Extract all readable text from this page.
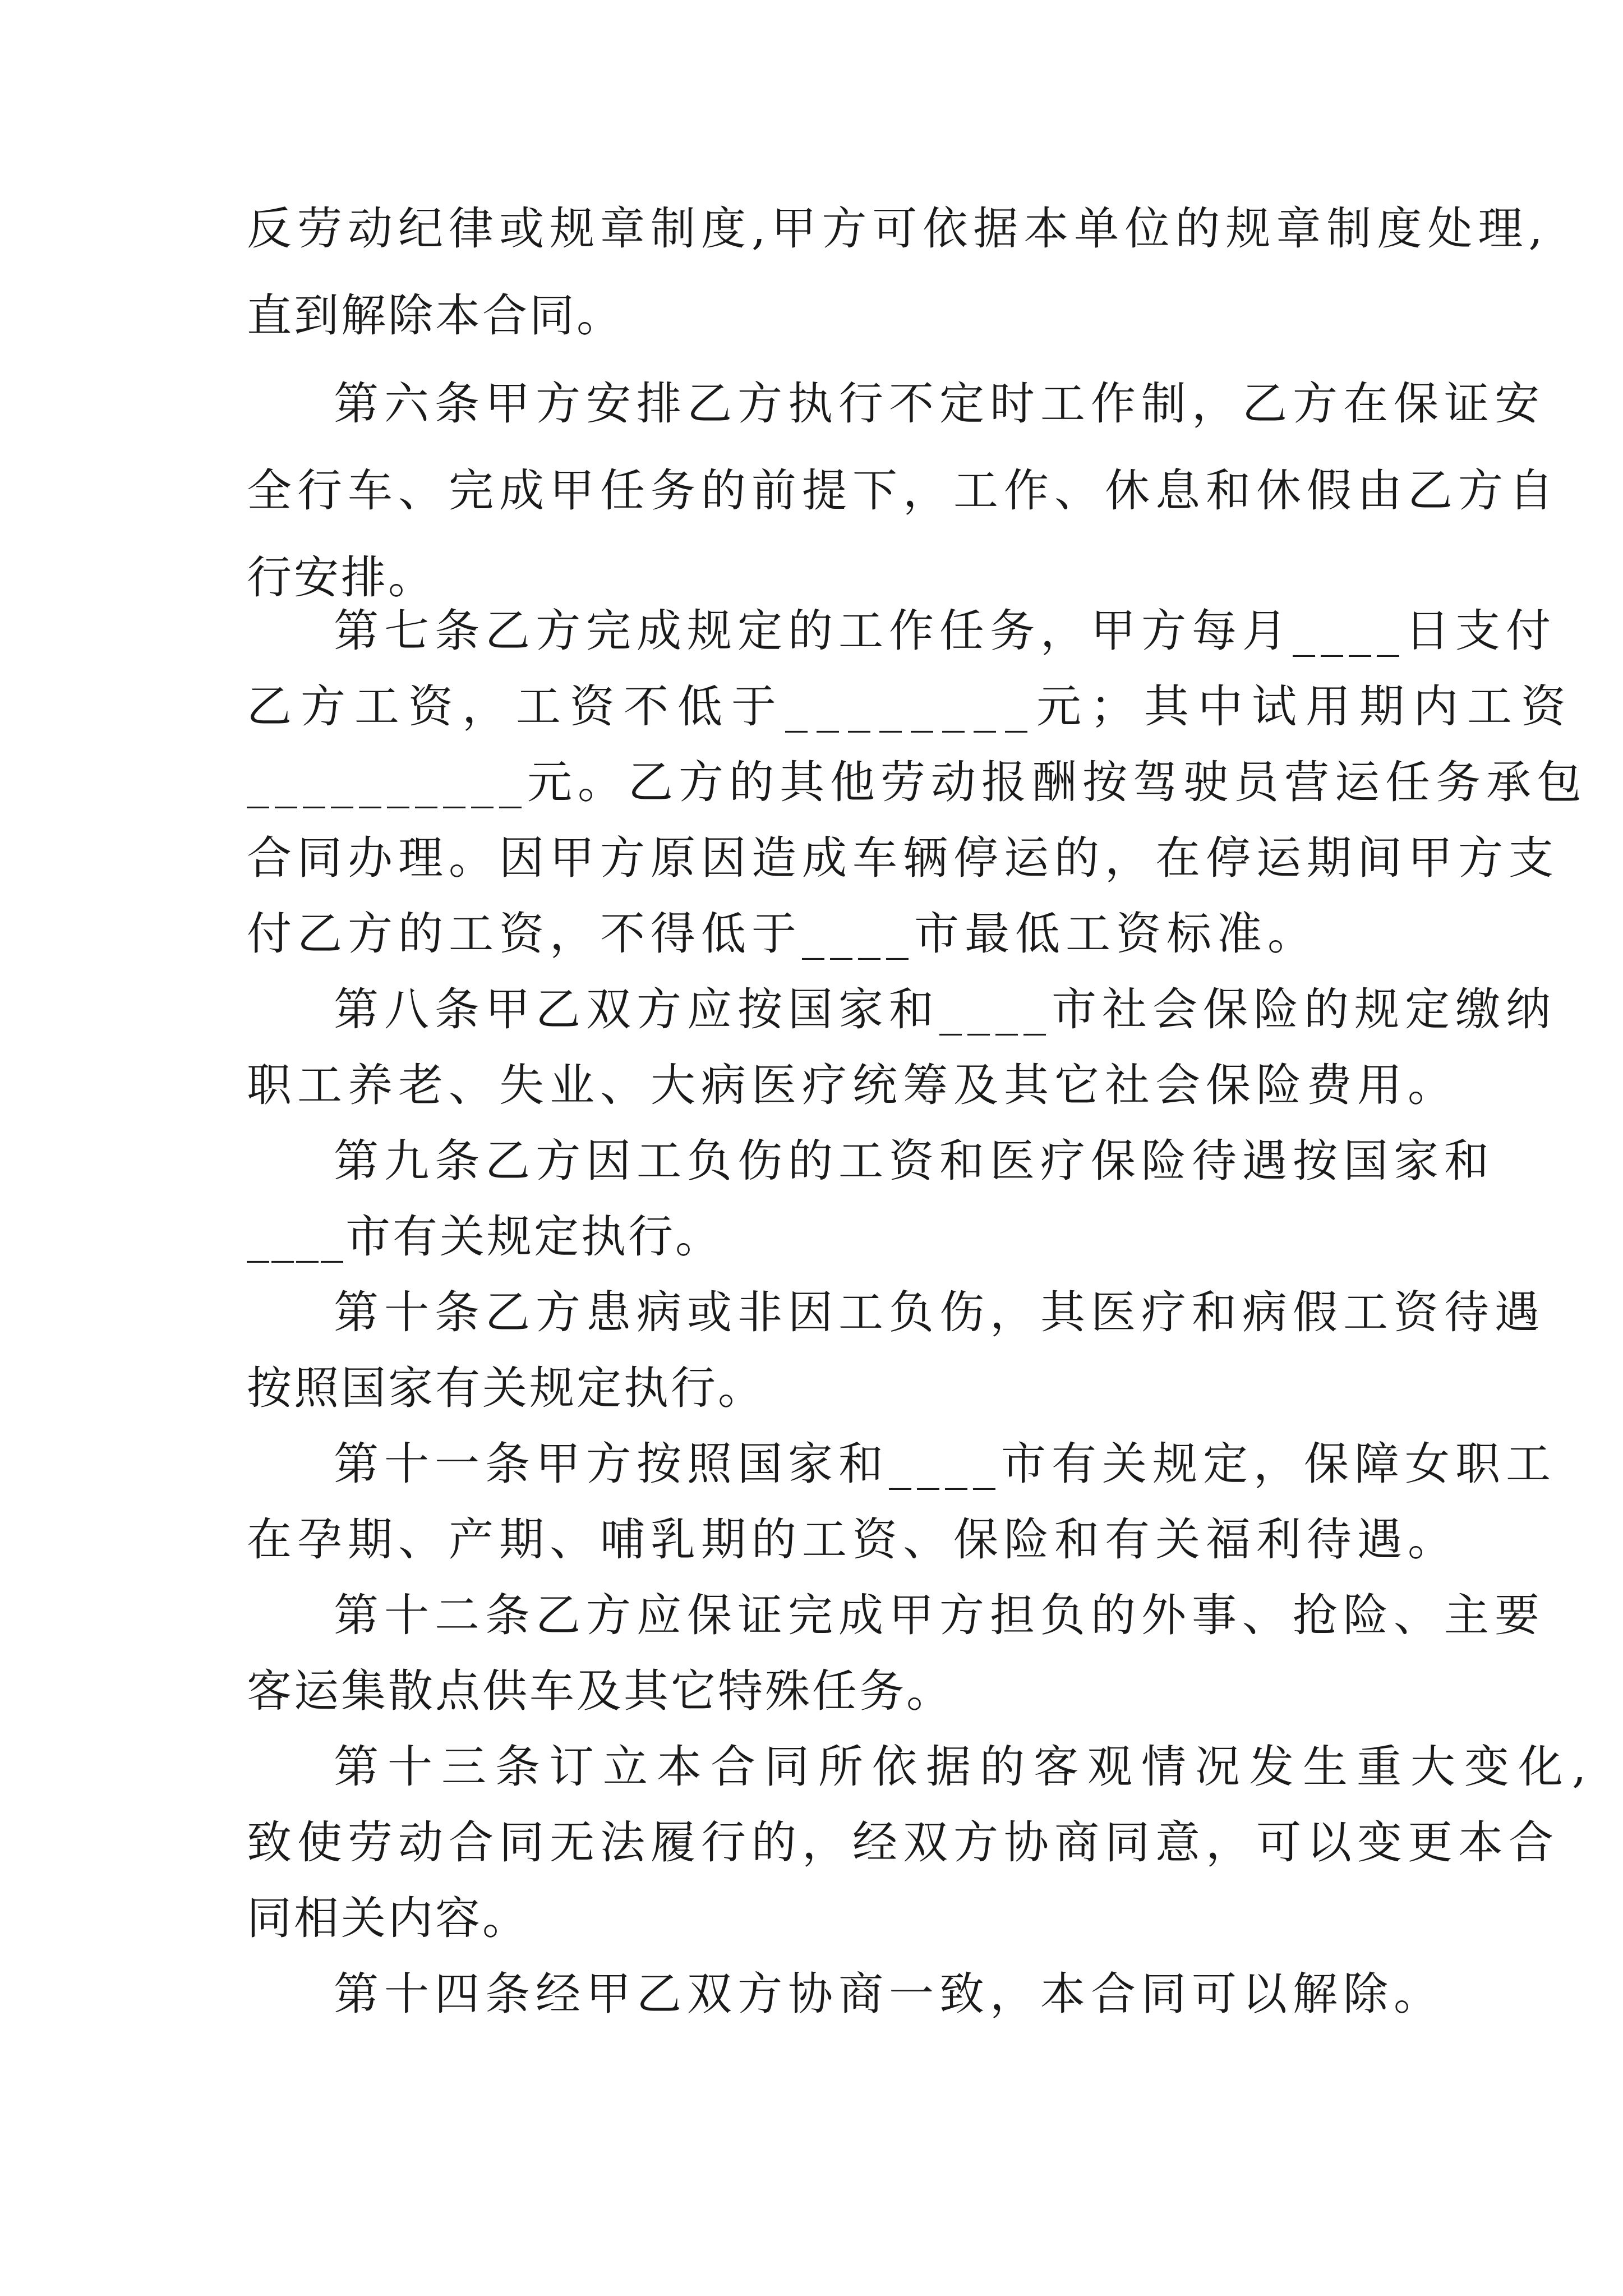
反劳动纪律或规章制度,甲方可依据本单位的规章制度处理,
直到解除本合同。
第六条甲方安排乙方执行不定时工作制，乙方在保证安
全行车、完成甲任务的前提下，工作、休息和休假由乙方自
行安排。
第七条乙方完成规定的工作任务，甲方每月____日支付
乙方工资，工资不低于________元；其中试用期内工资
__________元。乙方的其他劳动报酬按驾驶员营运任务承包
合同办理。因甲方原因造成车辆停运的，在停运期间甲方支
付乙方的工资，不得低于____市最低工资标准。
第八条甲乙双方应按国家和____市社会保险的规定缴纳
职工养老、失业、大病医疗统筹及其它社会保险费用。
第九条乙方因工负伤的工资和医疗保险待遇按国家和
____市有关规定执行。
第十条乙方患病或非因工负伤，其医疗和病假工资待遇
按照国家有关规定执行。
第十一条甲方按照国家和____市有关规定，保障女职工
在孕期、产期、哺乳期的工资、保险和有关福利待遇。
第十二条乙方应保证完成甲方担负的外事、抢险、主要
客运集散点供车及其它特殊任务。
第十三条订立本合同所依据的客观情况发生重大变化,
致使劳动合同无法履行的，经双方协商同意，可以变更本合
同相关内容。
第十四条经甲乙双方协商一致，本合同可以解除。
